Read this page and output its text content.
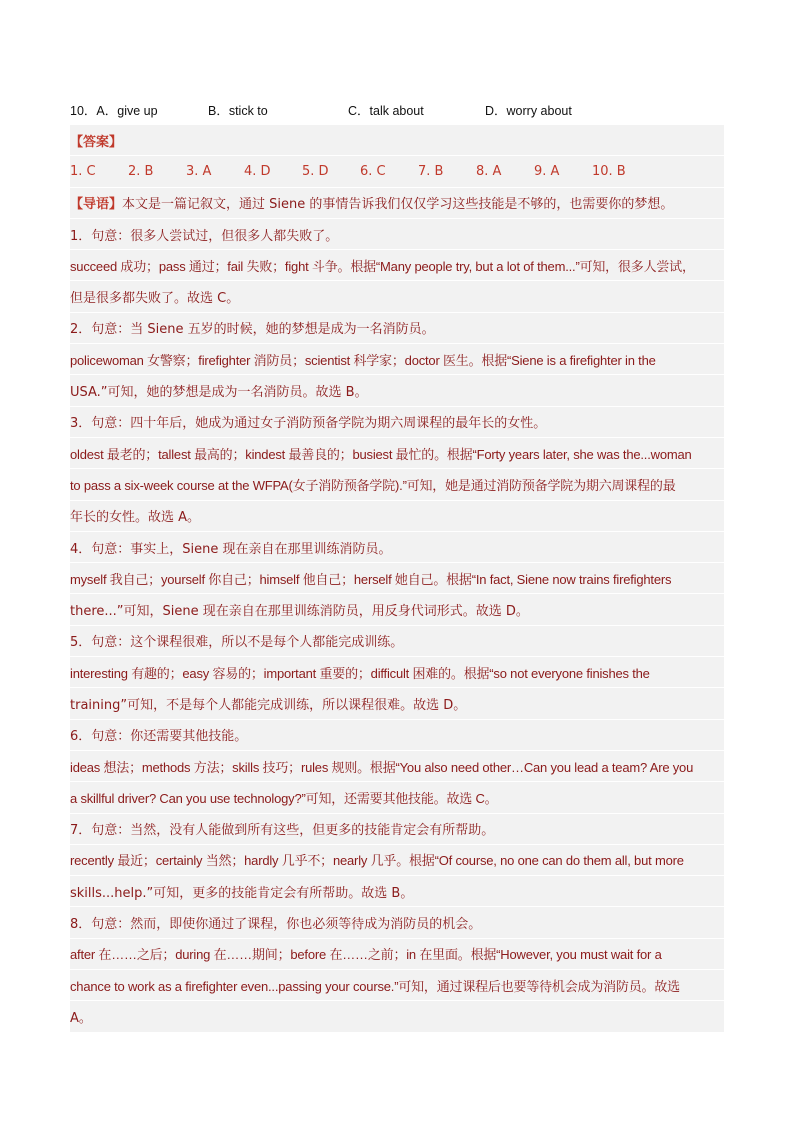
10．A．give up	B．stick to	C．talk about	D．worry about
【答案】
1. C	2. B	3. A	4. D	5. D	6. C	7. B	8. A	9. A	10. B
【导语】 本文是一篇记叙文，通过 Siene 的事情告诉我们仅仅学习这些技能是不够的，也需要你的梦想。
1．句意：很多人尝试过，但很多人都失败了。
succeed 成功；pass 通过；fail 失败；fight 斗争。根据“Many people try, but a lot of them...”可知，很多人尝试，
但是很多都失败了。故选 C。
2．句意：当 Siene 五岁的时候，她的梦想是成为一名消防员。
policewoman 女警察；firefighter 消防员；scientist 科学家；doctor 医生。根据“Siene is a firefighter in the
USA.”可知，她的梦想是成为一名消防员。故选 B。
3．句意：四十年后，她成为通过女子消防预备学院为期六周课程的最年长的女性。
oldest 最老的；tallest 最高的；kindest 最善良的；busiest 最忙的。根据“Forty years later, she was the...woman
to pass a six-week course at the WFPA(女子消防预备学院).”可知，她是通过消防预备学院为期六周课程的最
年长的女性。故选 A。
4．句意：事实上，Siene 现在亲自在那里训练消防员。
myself 我自己；yourself 你自己；himself 他自己；herself 她自己。根据“In fact, Siene now trains firefighters
there...”可知，Siene 现在亲自在那里训练消防员，用反身代词形式。故选 D。
5．句意：这个课程很难，所以不是每个人都能完成训练。
interesting 有趣的；easy 容易的；important 重要的；difficult 困难的。根据“so not everyone finishes the
training”可知，不是每个人都能完成训练，所以课程很难。故选 D。
6．句意：你还需要其他技能。
ideas 想法；methods 方法；skills 技巧；rules 规则。根据“You also need other…Can you lead a team? Are you
a skillful driver? Can you use technology?”可知，还需要其他技能。故选 C。
7．句意：当然，没有人能做到所有这些，但更多的技能肯定会有所帮助。
recently 最近；certainly 当然；hardly 几乎不；nearly 几乎。根据“Of course, no one can do them all, but more
skills...help.”可知，更多的技能肯定会有所帮助。故选 B。
8．句意：然而，即使你通过了课程，你也必须等待成为消防员的机会。
after 在……之后；during 在……期间；before 在……之前；in 在里面。根据“However, you must wait for a
chance to work as a firefighter even...passing your course.”可知，通过课程后也要等待机会成为消防员。故选
A。
